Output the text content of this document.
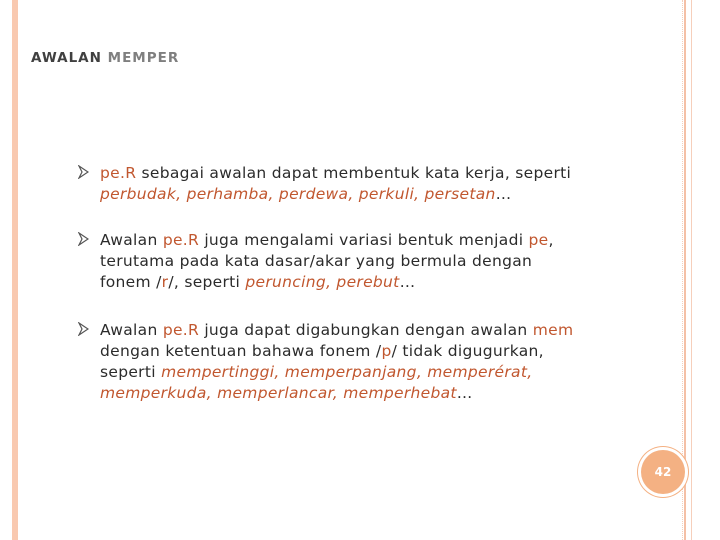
AWALAN MEMPER
pe.R sebagai awalan dapat membentuk kata kerja, seperti
perbudak, perhamba, perdewa, perkuli, persetan…
Awalan pe.R juga mengalami variasi bentuk menjadi pe,
terutama pada kata dasar/akar yang bermula dengan
fonem /r/, seperti peruncing, perebut…
Awalan pe.R juga dapat digabungkan dengan awalan mem
dengan ketentuan bahawa fonem /p/ tidak digugurkan,
seperti mempertinggi, memperpanjang, memperérat,
memperkuda, memperlancar, memperhebat…
42
